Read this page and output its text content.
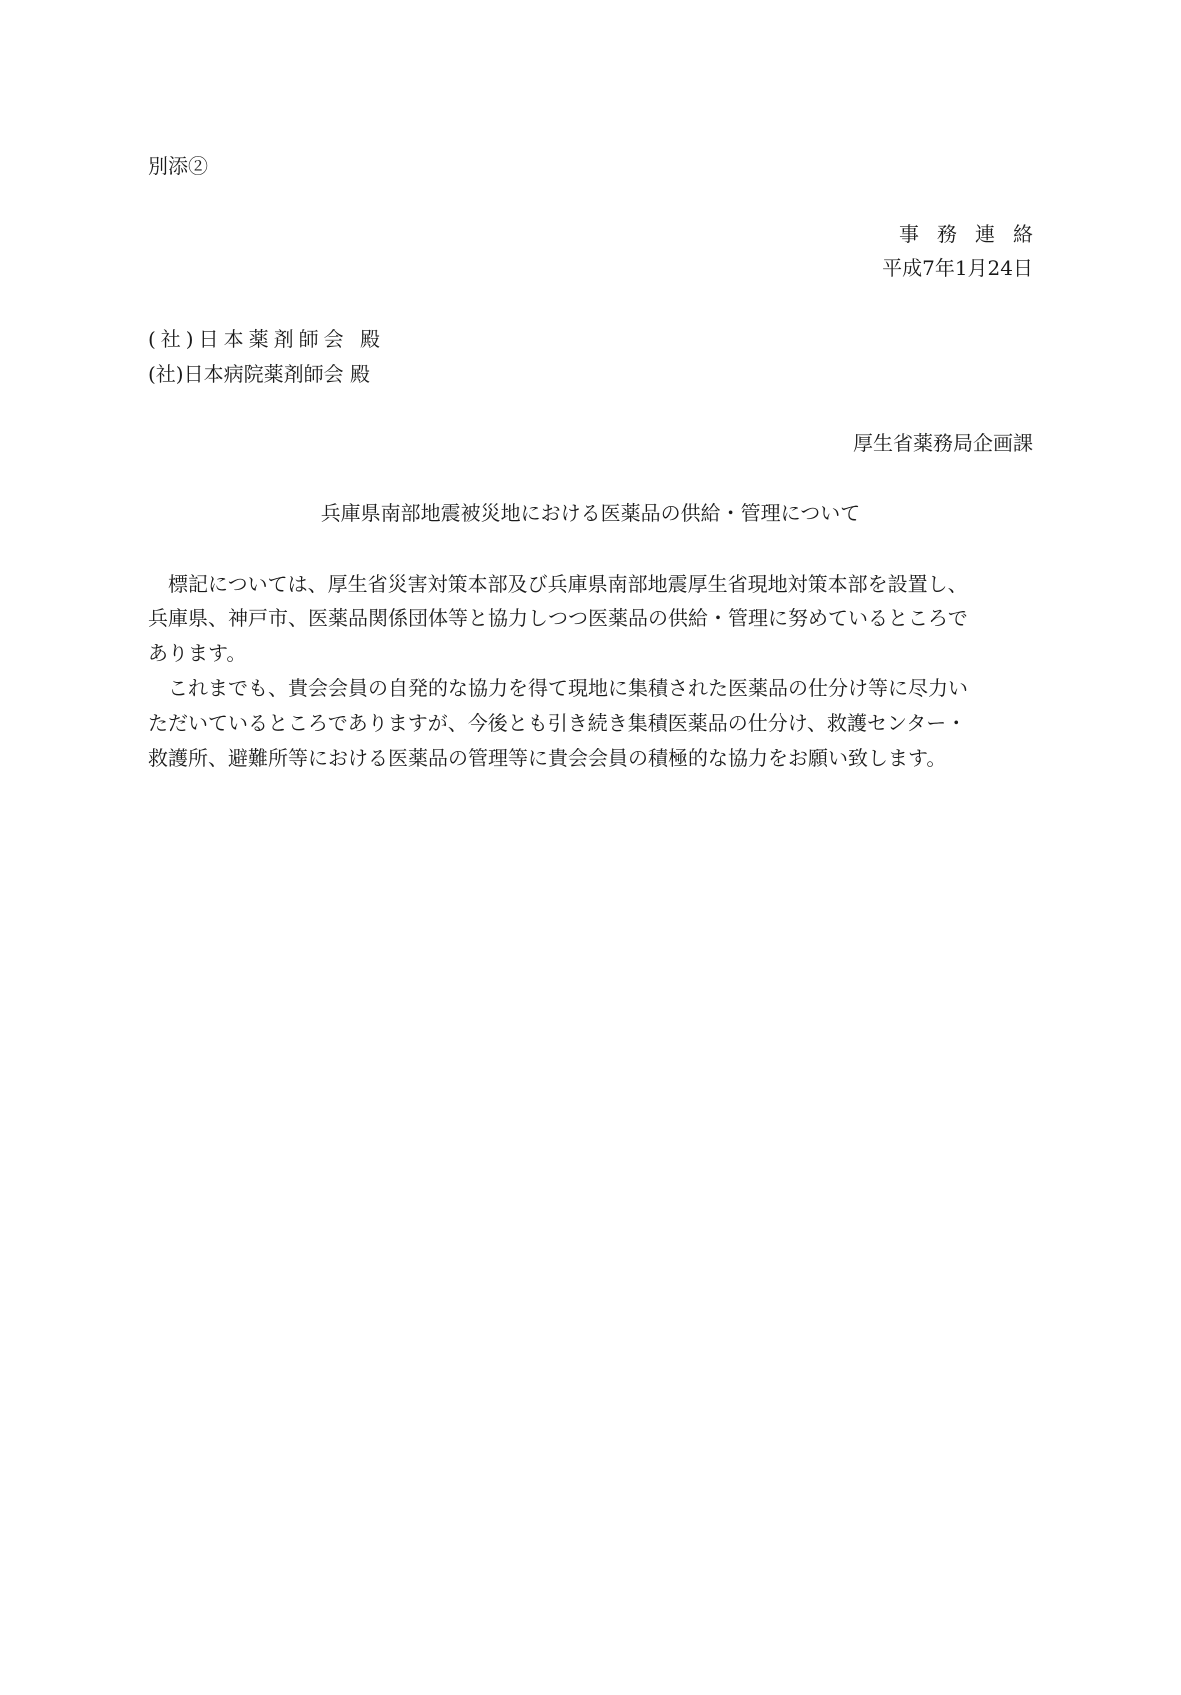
別添②
事務連絡
平成7年1月24日
(社)日本薬剤師会 殿
(社)日本病院薬剤師会 殿
厚生省薬務局企画課
兵庫県南部地震被災地における医薬品の供給・管理について
　標記については、厚生省災害対策本部及び兵庫県南部地震厚生省現地対策本部を設置し、
兵庫県、神戸市、医薬品関係団体等と協力しつつ医薬品の供給・管理に努めているところで
あります。
　これまでも、貴会会員の自発的な協力を得て現地に集積された医薬品の仕分け等に尽力い
ただいているところでありますが、今後とも引き続き集積医薬品の仕分け、救護センター・
救護所、避難所等における医薬品の管理等に貴会会員の積極的な協力をお願い致します。
